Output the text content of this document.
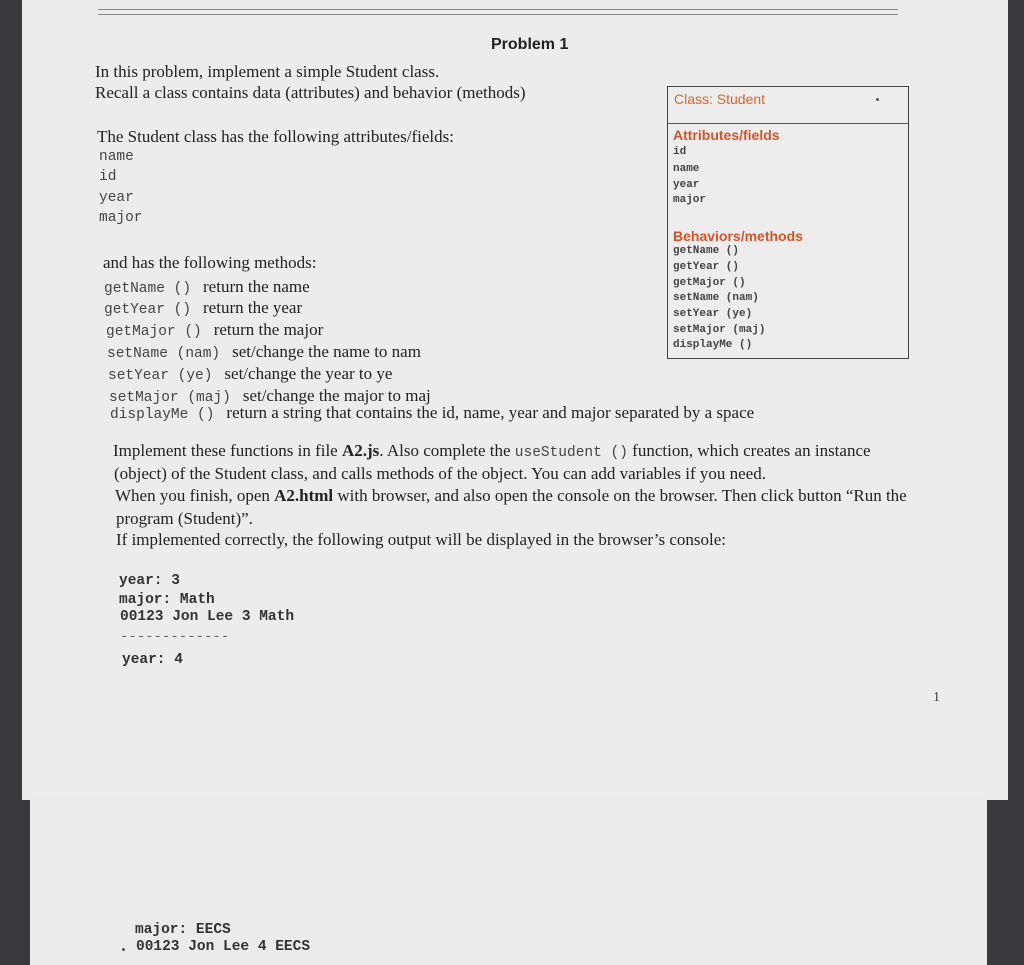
Problem 1
In this problem, implement a simple Student class.
Recall a class contains data (attributes) and behavior (methods)
The Student class has the following attributes/fields:
name
id
year
major
and has the following methods:
getName () return the name
getYear () return the year
getMajor () return the major
setName (nam) set/change the name to nam
setYear (ye) set/change the year to ye
setMajor (maj) set/change the major to maj
displayMe () return a string that contains the id, name, year and major separated by a space
Implement these functions in file A2.js. Also complete the useStudent () function, which creates an instance
(object) of the Student class, and calls methods of the object. You can add variables if you need.
When you finish, open A2.html with browser, and also open the console on the browser. Then click button “Run the
program (Student)”.
If implemented correctly, the following output will be displayed in the browser’s console:
year: 3
major: Math
00123 Jon Lee 3 Math
-------------
year: 4
1
Class: Student
Attributes/fields
id
name
year
major
Behaviors/methods
getName ()
getYear ()
getMajor ()
setName (nam)
setYear (ye)
setMajor (maj)
displayMe ()
major: EECS
00123 Jon Lee 4 EECS
